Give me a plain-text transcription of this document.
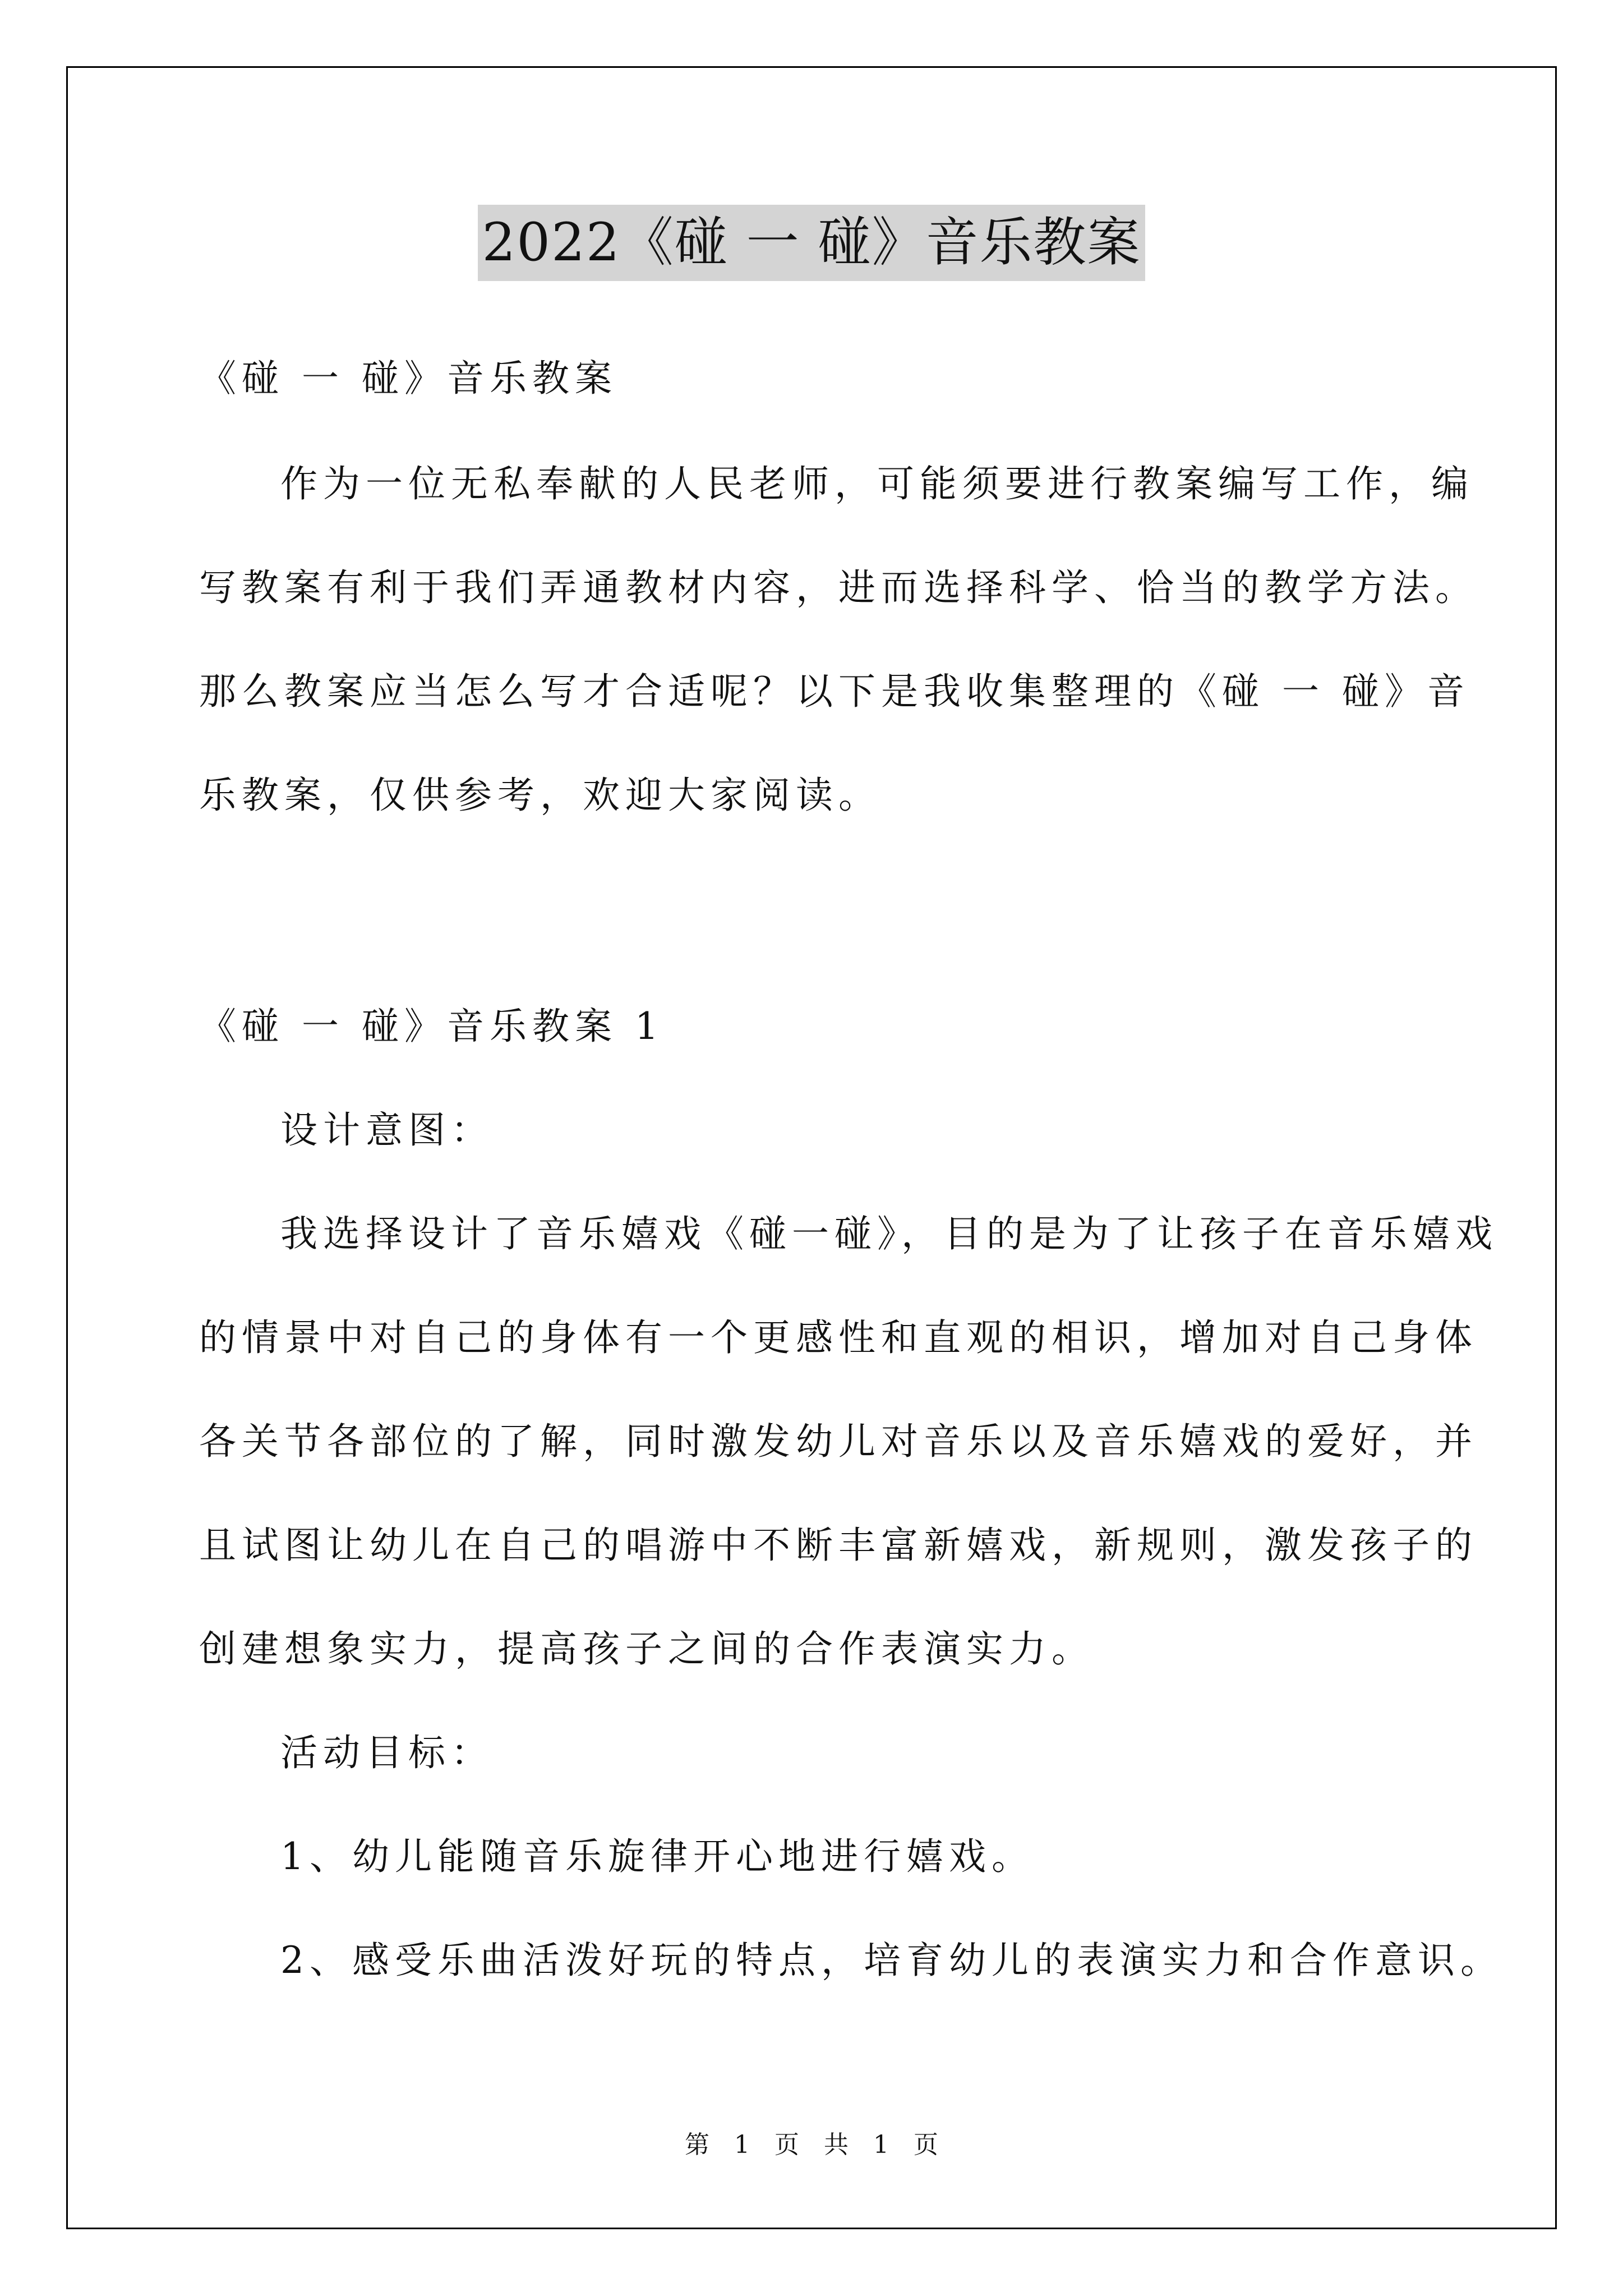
2022《碰 一 碰》音乐教案
《碰 一 碰》音乐教案
作为一位无私奉献的人民老师，可能须要进行教案编写工作，编
写教案有利于我们弄通教材内容，进而选择科学、恰当的教学方法。
那么教案应当怎么写才合适呢？以下是我收集整理的《碰 一 碰》音
乐教案，仅供参考，欢迎大家阅读。
《碰 一 碰》音乐教案 1
设计意图：
我选择设计了音乐嬉戏《碰一碰》，目的是为了让孩子在音乐嬉戏
的情景中对自己的身体有一个更感性和直观的相识，增加对自己身体
各关节各部位的了解，同时激发幼儿对音乐以及音乐嬉戏的爱好，并
且试图让幼儿在自己的唱游中不断丰富新嬉戏，新规则，激发孩子的
创建想象实力，提高孩子之间的合作表演实力。
活动目标：
1、幼儿能随音乐旋律开心地进行嬉戏。
2、感受乐曲活泼好玩的特点，培育幼儿的表演实力和合作意识。
第 1 页 共 1 页
